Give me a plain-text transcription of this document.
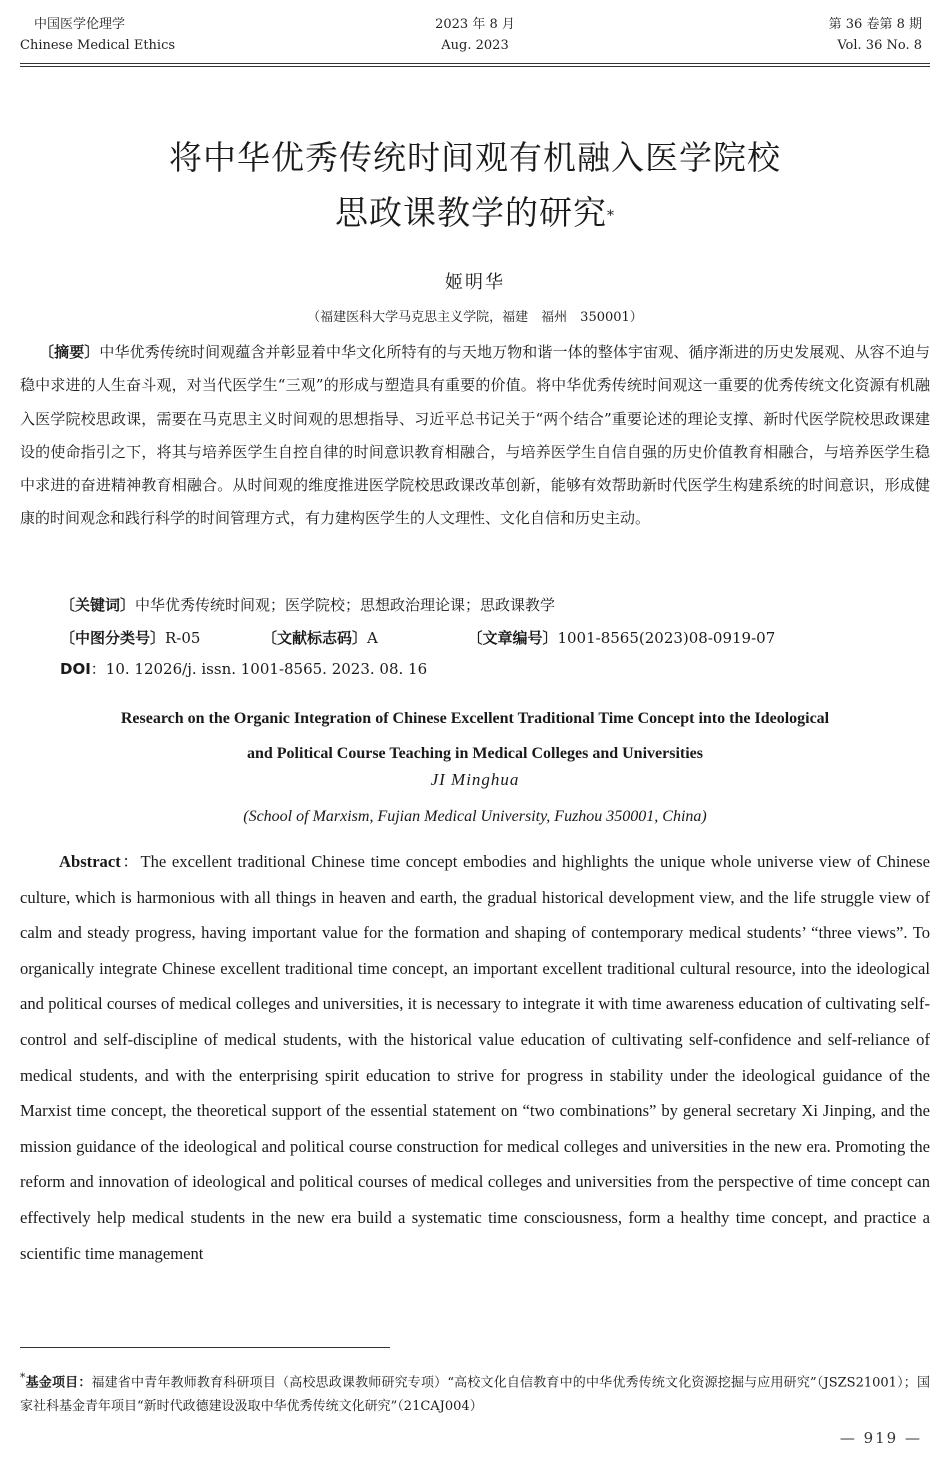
中国医学伦理学
Chinese Medical Ethics
2023 年 8 月
Aug. 2023
第 36 卷第 8 期
Vol. 36 No. 8
将中华优秀传统时间观有机融入医学院校
思政课教学的研究*
姬明华
（福建医科大学马克思主义学院，福建　福州　350001）
〔摘要〕中华优秀传统时间观蕴含并彰显着中华文化所特有的与天地万物和谐一体的整体宇宙观、循序渐进的历史发展观、从容不迫与稳中求进的人生奋斗观，对当代医学生“三观”的形成与塑造具有重要的价值。将中华优秀传统时间观这一重要的优秀传统文化资源有机融入医学院校思政课，需要在马克思主义时间观的思想指导、习近平总书记关于“两个结合”重要论述的理论支撑、新时代医学院校思政课建设的使命指引之下，将其与培养医学生自控自律的时间意识教育相融合，与培养医学生自信自强的历史价值教育相融合，与培养医学生稳中求进的奋进精神教育相融合。从时间观的维度推进医学院校思政课改革创新，能够有效帮助新时代医学生构建系统的时间意识，形成健康的时间观念和践行科学的时间管理方式，有力建构医学生的人文理性、文化自信和历史主动。
〔关键词〕中华优秀传统时间观；医学院校；思想政治理论课；思政课教学
〔中图分类号〕R-05	〔文献标志码〕A	〔文章编号〕1001-8565(2023)08-0919-07
DOI：10. 12026/j. issn. 1001-8565. 2023. 08. 16
Research on the Organic Integration of Chinese Excellent Traditional Time Concept into the Ideological
and Political Course Teaching in Medical Colleges and Universities
JI Minghua
(School of Marxism, Fujian Medical University, Fuzhou 350001, China)
Abstract：The excellent traditional Chinese time concept embodies and highlights the unique whole universe view of Chinese culture, which is harmonious with all things in heaven and earth, the gradual historical development view, and the life struggle view of calm and steady progress, having important value for the formation and shaping of contemporary medical students’ “three views”. To organically integrate Chinese excellent traditional time concept, an important excellent traditional cultural resource, into the ideological and political courses of medical colleges and universities, it is necessary to integrate it with time awareness education of cultivating self-control and self-discipline of medical students, with the historical value education of cultivating self-confidence and self-reliance of medical students, and with the enterprising spirit education to strive for progress in stability under the ideological guidance of the Marxist time concept, the theoretical support of the essential statement on “two combinations” by general secretary Xi Jinping, and the mission guidance of the ideological and political course construction for medical colleges and universities in the new era. Promoting the reform and innovation of ideological and political courses of medical colleges and universities from the perspective of time concept can effectively help medical students in the new era build a systematic time consciousness, form a healthy time concept, and practice a scientific time management
*基金项目：福建省中青年教师教育科研项目（高校思政课教师研究专项）“高校文化自信教育中的中华优秀传统文化资源挖掘与应用研究”（JSZS21001）；国家社科基金青年项目“新时代政德建设汲取中华优秀传统文化研究”（21CAJ004）
— 919 —
